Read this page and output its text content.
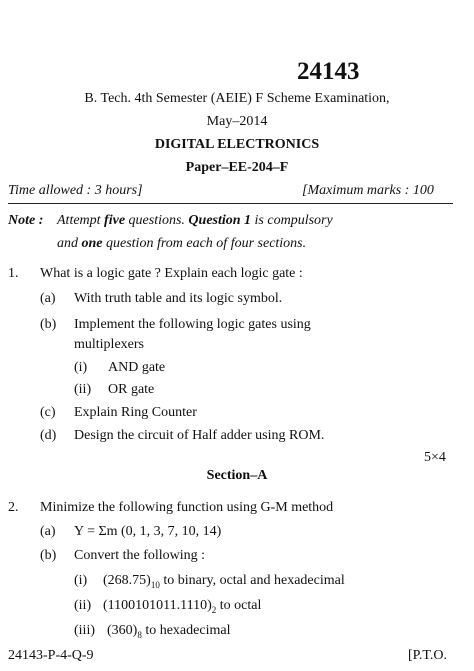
24143
B. Tech. 4th Semester (AEIE) F Scheme Examination,
May–2014
DIGITAL ELECTRONICS
Paper–EE-204–F
Time allowed : 3 hours]	[Maximum marks : 100
Note : Attempt five questions. Question 1 is compulsory
and one question from each of four sections.
1. What is a logic gate ? Explain each logic gate :
(a) With truth table and its logic symbol.
(b) Implement the following logic gates using
multiplexers
(i) AND gate
(ii) OR gate
(c) Explain Ring Counter
(d) Design the circuit of Half adder using ROM.
5×4
Section–A
2. Minimize the following function using G-M method
(a) Y = Σm (0, 1, 3, 7, 10, 14)
(b) Convert the following :
(i) $(268.75)_{10}$ to binary, octal and hexadecimal
(ii) $(1100101011.1110)_2$ to octal
(iii) $(360)_8$ to hexadecimal
24143-P-4-Q-9	[P.T.O.
